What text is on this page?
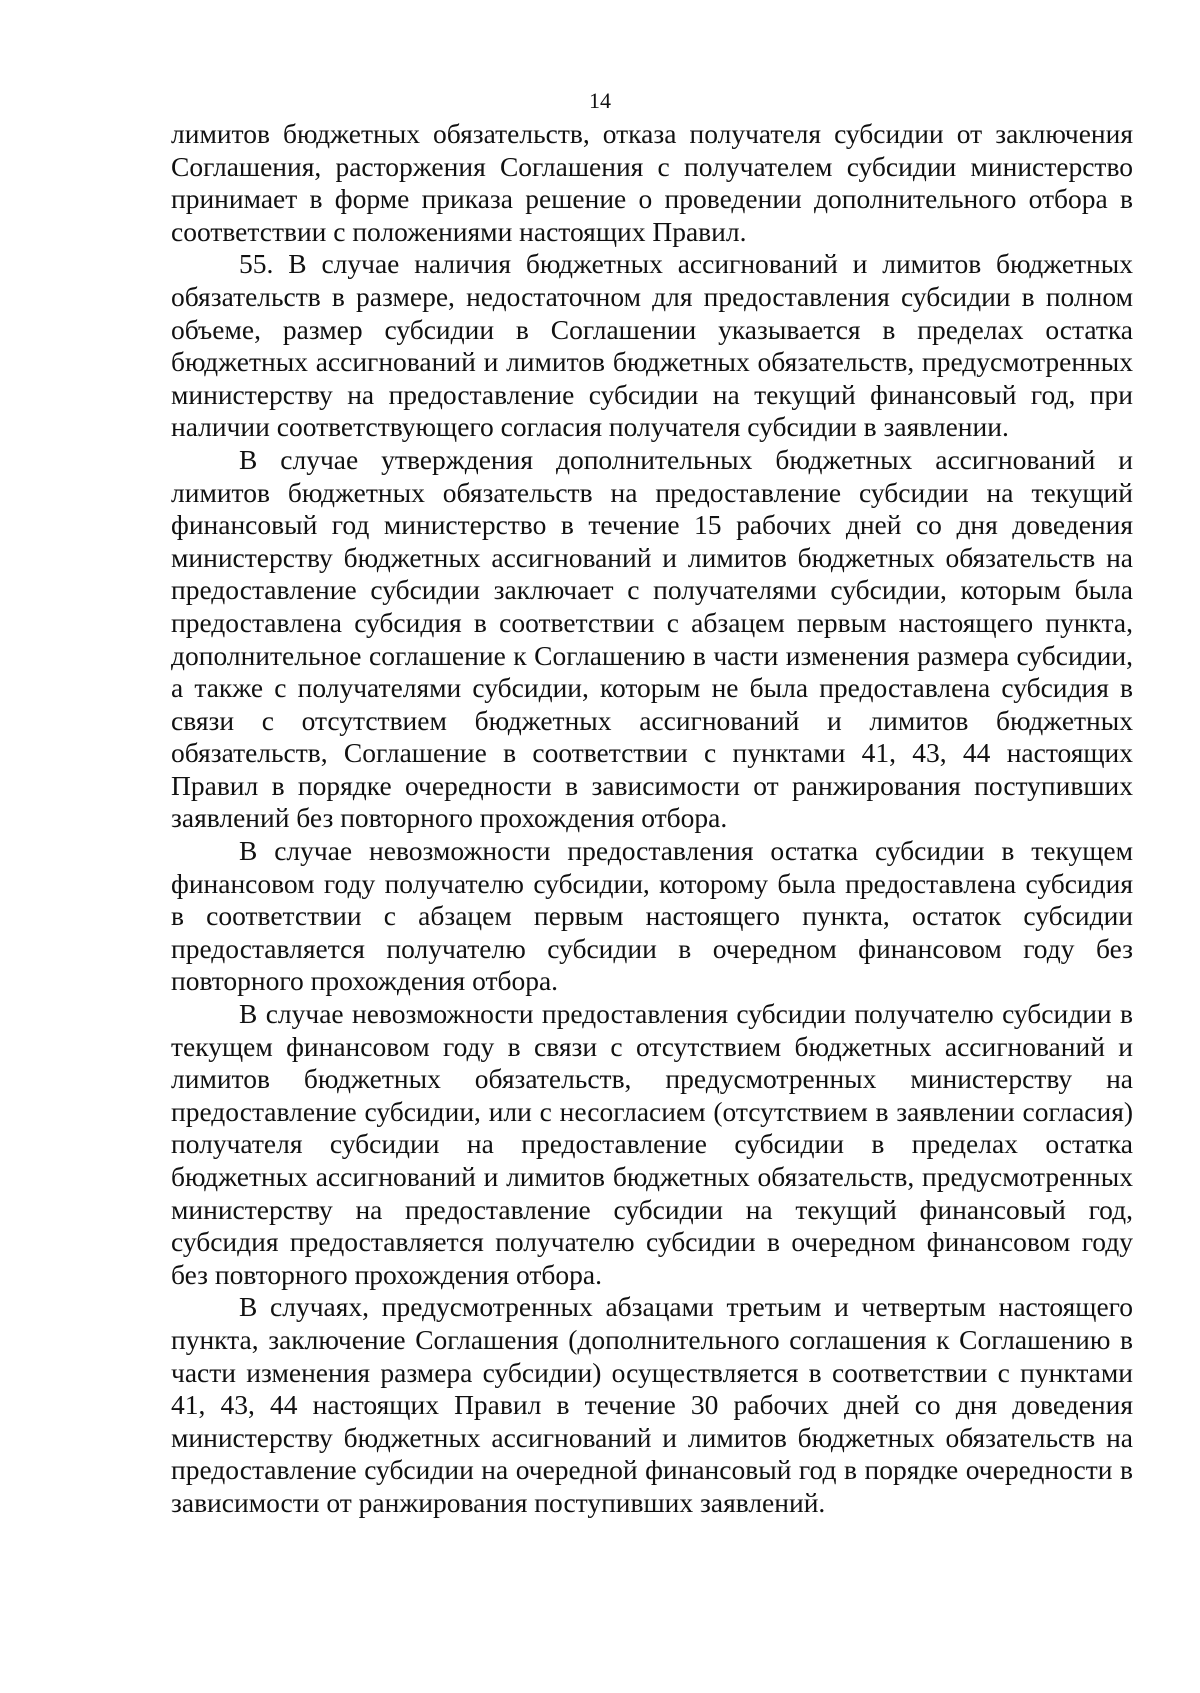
14

лимитов бюджетных обязательств, отказа получателя субсидии от заключения Соглашения, расторжения Соглашения с получателем субсидии министерство принимает в форме приказа решение о проведении дополнительного отбора в соответствии с положениями настоящих Правил.

55. В случае наличия бюджетных ассигнований и лимитов бюджетных обязательств в размере, недостаточном для предоставления субсидии в полном объеме, размер субсидии в Соглашении указывается в пределах остатка бюджетных ассигнований и лимитов бюджетных обязательств, предусмотренных министерству на предоставление субсидии на текущий финансовый год, при наличии соответствующего согласия получателя субсидии в заявлении.

В случае утверждения дополнительных бюджетных ассигнований и лимитов бюджетных обязательств на предоставление субсидии на текущий финансовый год министерство в течение 15 рабочих дней со дня доведения министерству бюджетных ассигнований и лимитов бюджетных обязательств на предоставление субсидии заключает с получателями субсидии, которым была предоставлена субсидия в соответствии с абзацем первым настоящего пункта, дополнительное соглашение к Соглашению в части изменения размера субсидии, а также с получателями субсидии, которым не была предоставлена субсидия в связи с отсутствием бюджетных ассигнований и лимитов бюджетных обязательств, Соглашение в соответствии с пунктами 41, 43, 44 настоящих Правил в порядке очередности в зависимости от ранжирования поступивших заявлений без повторного прохождения отбора.

В случае невозможности предоставления остатка субсидии в текущем финансовом году получателю субсидии, которому была предоставлена субсидия в соответствии с абзацем первым настоящего пункта, остаток субсидии предоставляется получателю субсидии в очередном финансовом году без повторного прохождения отбора.

В случае невозможности предоставления субсидии получателю субсидии в текущем финансовом году в связи с отсутствием бюджетных ассигнований и лимитов бюджетных обязательств, предусмотренных министерству на предоставление субсидии, или с несогласием (отсутствием в заявлении согласия) получателя субсидии на предоставление субсидии в пределах остатка бюджетных ассигнований и лимитов бюджетных обязательств, предусмотренных министерству на предоставление субсидии на текущий финансовый год, субсидия предоставляется получателю субсидии в очередном финансовом году без повторного прохождения отбора.

В случаях, предусмотренных абзацами третьим и четвертым настоящего пункта, заключение Соглашения (дополнительного соглашения к Соглашению в части изменения размера субсидии) осуществляется в соответствии с пунктами 41, 43, 44 настоящих Правил в течение 30 рабочих дней со дня доведения министерству бюджетных ассигнований и лимитов бюджетных обязательств на предоставление субсидии на очередной финансовый год в порядке очередности в зависимости от ранжирования поступивших заявлений.
